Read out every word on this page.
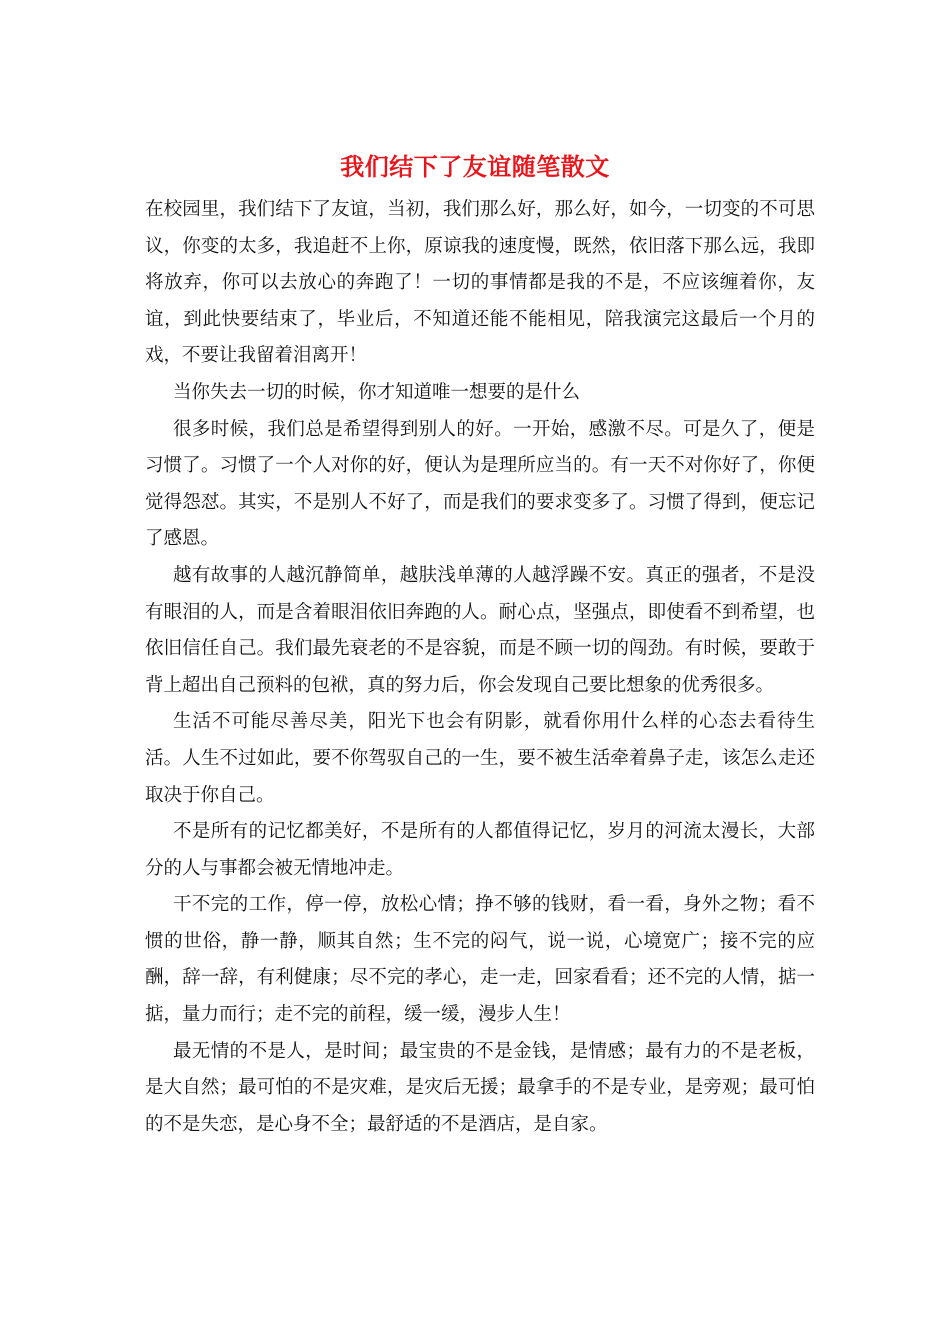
我们结下了友谊随笔散文

在校园里，我们结下了友谊，当初，我们那么好，那么好，如今，一切变的不可思议，你变的太多，我追赶不上你，原谅我的速度慢，既然，依旧落下那么远，我即将放弃，你可以去放心的奔跑了！一切的事情都是我的不是，不应该缠着你，友谊，到此快要结束了，毕业后，不知道还能不能相见，陪我演完这最后一个月的戏，不要让我留着泪离开！

当你失去一切的时候，你才知道唯一想要的是什么

很多时候，我们总是希望得到别人的好。一开始，感激不尽。可是久了，便是习惯了。习惯了一个人对你的好，便认为是理所应当的。有一天不对你好了，你便觉得怨怼。其实，不是别人不好了，而是我们的要求变多了。习惯了得到，便忘记了感恩。

越有故事的人越沉静简单，越肤浅单薄的人越浮躁不安。真正的强者，不是没有眼泪的人，而是含着眼泪依旧奔跑的人。耐心点，坚强点，即使看不到希望，也依旧信任自己。我们最先衰老的不是容貌，而是不顾一切的闯劲。有时候，要敢于背上超出自己预料的包袱，真的努力后，你会发现自己要比想象的优秀很多。

生活不可能尽善尽美，阳光下也会有阴影，就看你用什么样的心态去看待生活。人生不过如此，要不你驾驭自己的一生，要不被生活牵着鼻子走，该怎么走还取决于你自己。

不是所有的记忆都美好，不是所有的人都值得记忆，岁月的河流太漫长，大部分的人与事都会被无情地冲走。

干不完的工作，停一停，放松心情；挣不够的钱财，看一看，身外之物；看不惯的世俗，静一静，顺其自然；生不完的闷气，说一说，心境宽广；接不完的应酬，辞一辞，有利健康；尽不完的孝心，走一走，回家看看；还不完的人情，掂一掂，量力而行；走不完的前程，缓一缓，漫步人生！

最无情的不是人，是时间；最宝贵的不是金钱，是情感；最有力的不是老板，是大自然；最可怕的不是灾难，是灾后无援；最拿手的不是专业，是旁观；最可怕的不是失恋，是心身不全；最舒适的不是酒店，是自家。
